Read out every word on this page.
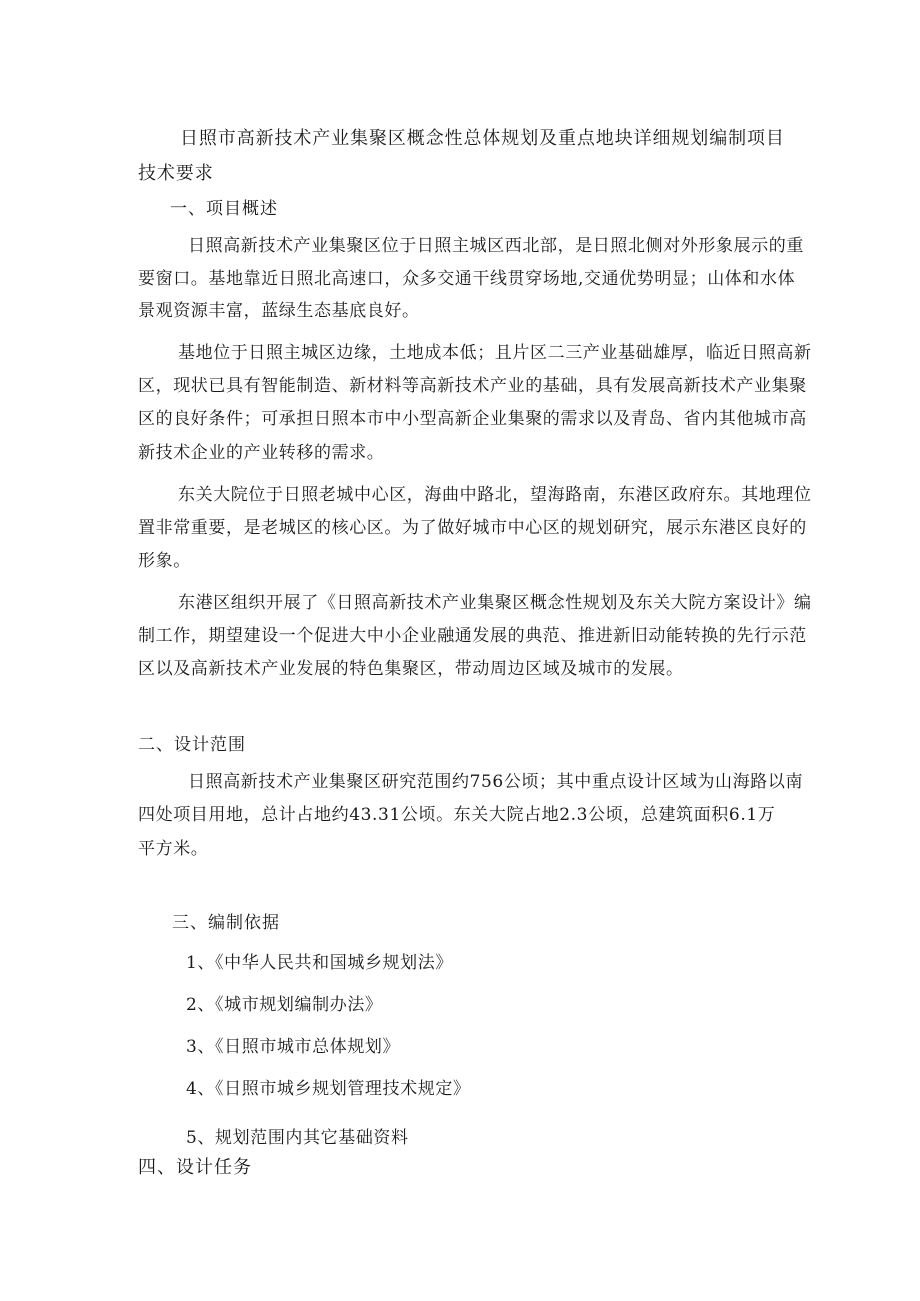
日照市高新技术产业集聚区概念性总体规划及重点地块详细规划编制项目
技术要求
一、项目概述
日照高新技术产业集聚区位于日照主城区西北部，是日照北侧对外形象展示的重
要窗口。基地靠近日照北高速口，众多交通干线贯穿场地,交通优势明显；山体和水体
景观资源丰富，蓝绿生态基底良好。
基地位于日照主城区边缘，土地成本低；且片区二三产业基础雄厚，临近日照高新
区，现状已具有智能制造、新材料等高新技术产业的基础，具有发展高新技术产业集聚
区的良好条件；可承担日照本市中小型高新企业集聚的需求以及青岛、省内其他城市高
新技术企业的产业转移的需求。
东关大院位于日照老城中心区，海曲中路北，望海路南，东港区政府东。其地理位
置非常重要，是老城区的核心区。为了做好城市中心区的规划研究，展示东港区良好的
形象。
东港区组织开展了《日照高新技术产业集聚区概念性规划及东关大院方案设计》编
制工作，期望建设一个促进大中小企业融通发展的典范、推进新旧动能转换的先行示范
区以及高新技术产业发展的特色集聚区，带动周边区域及城市的发展。
二、设计范围
日照高新技术产业集聚区研究范围约756公顷；其中重点设计区域为山海路以南
四处项目用地，总计占地约43.31公顷。东关大院占地2.3公顷，总建筑面积6.1万
平方米。
三、编制依据
1、《中华人民共和国城乡规划法》
2、《城市规划编制办法》
3、《日照市城市总体规划》
4、《日照市城乡规划管理技术规定》
5、规划范围内其它基础资料
四、设计任务
